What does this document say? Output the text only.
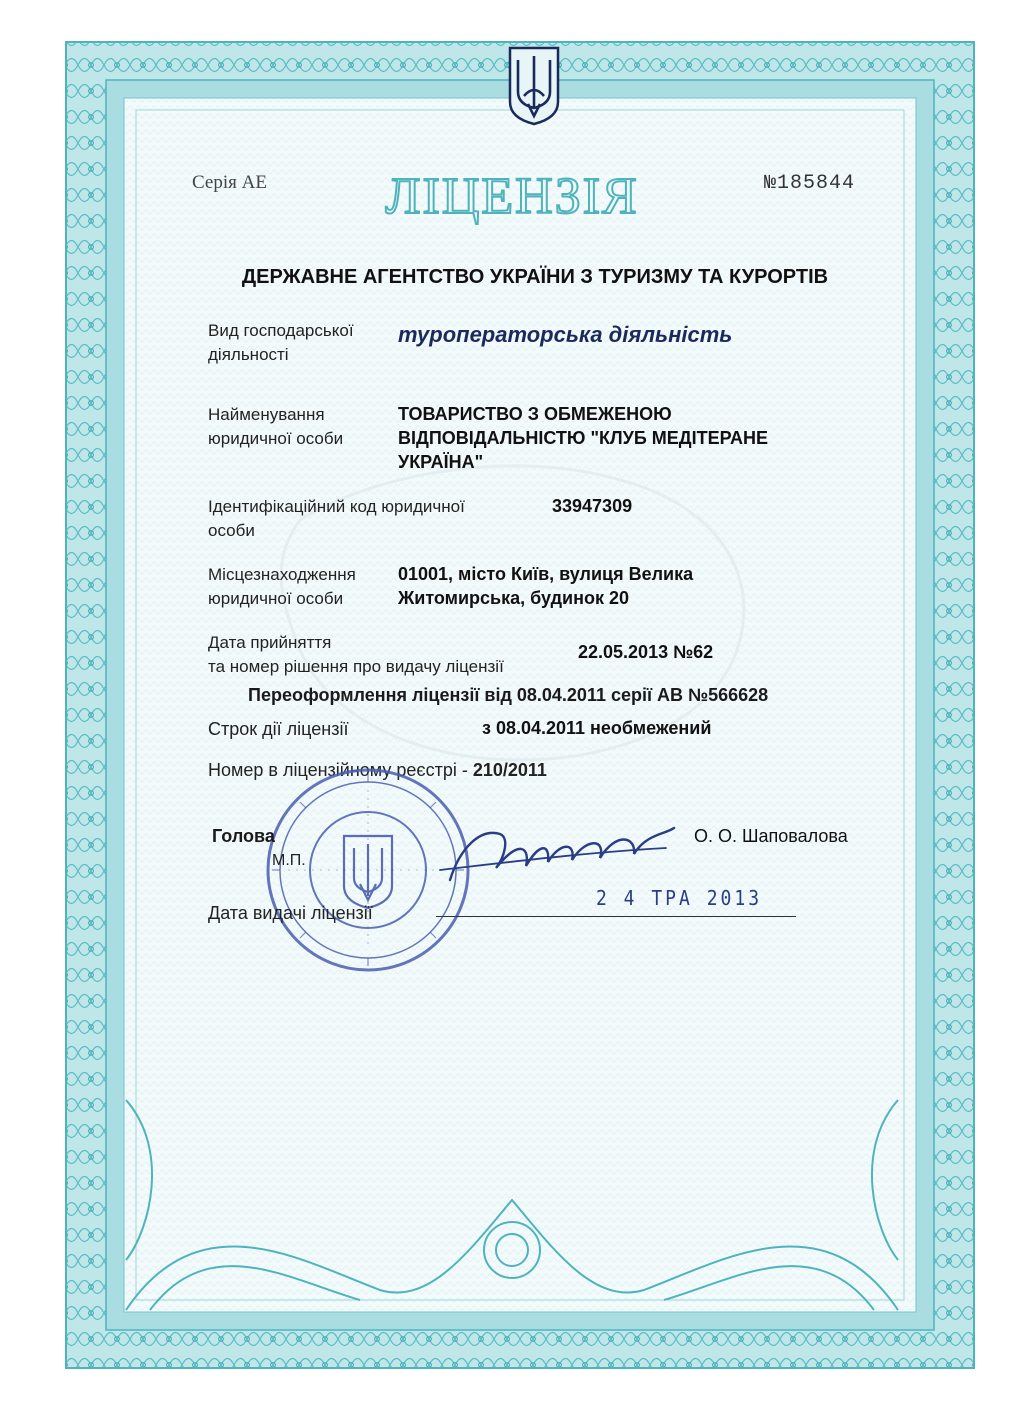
Серія АЕ ЛІЦЕНЗІЯ	№185844
ДЕРЖАВНЕ АГЕНТСТВО УКРАЇНИ З ТУРИЗМУ ТА КУРОРТІВ
Вид господарської
діяльності
туроператорська діяльність
Найменування
юридичної особи
ТОВАРИСТВО З ОБМЕЖЕНОЮ
ВІДПОВІДАЛЬНІСТЮ "КЛУБ МЕДІТЕРАНЕ
УКРАЇНА"
Ідентифікаційний код юридичної
особи
33947309
Місцезнаходження
юридичної особи
01001, місто Київ, вулиця Велика
Житомирська, будинок 20
Дата прийняття
та номер рішення про видачу ліцензії
22.05.2013 №62
Переоформлення ліцензії від 08.04.2011 серії АВ №566628
Строк дії ліцензії	з 08.04.2011 необмежений
Номер в ліцензійному реєстрі - 210/2011
Голова
М.П.
О. О. Шаповалова
Дата видачі ліцензії
2 4 ТРА 2013
